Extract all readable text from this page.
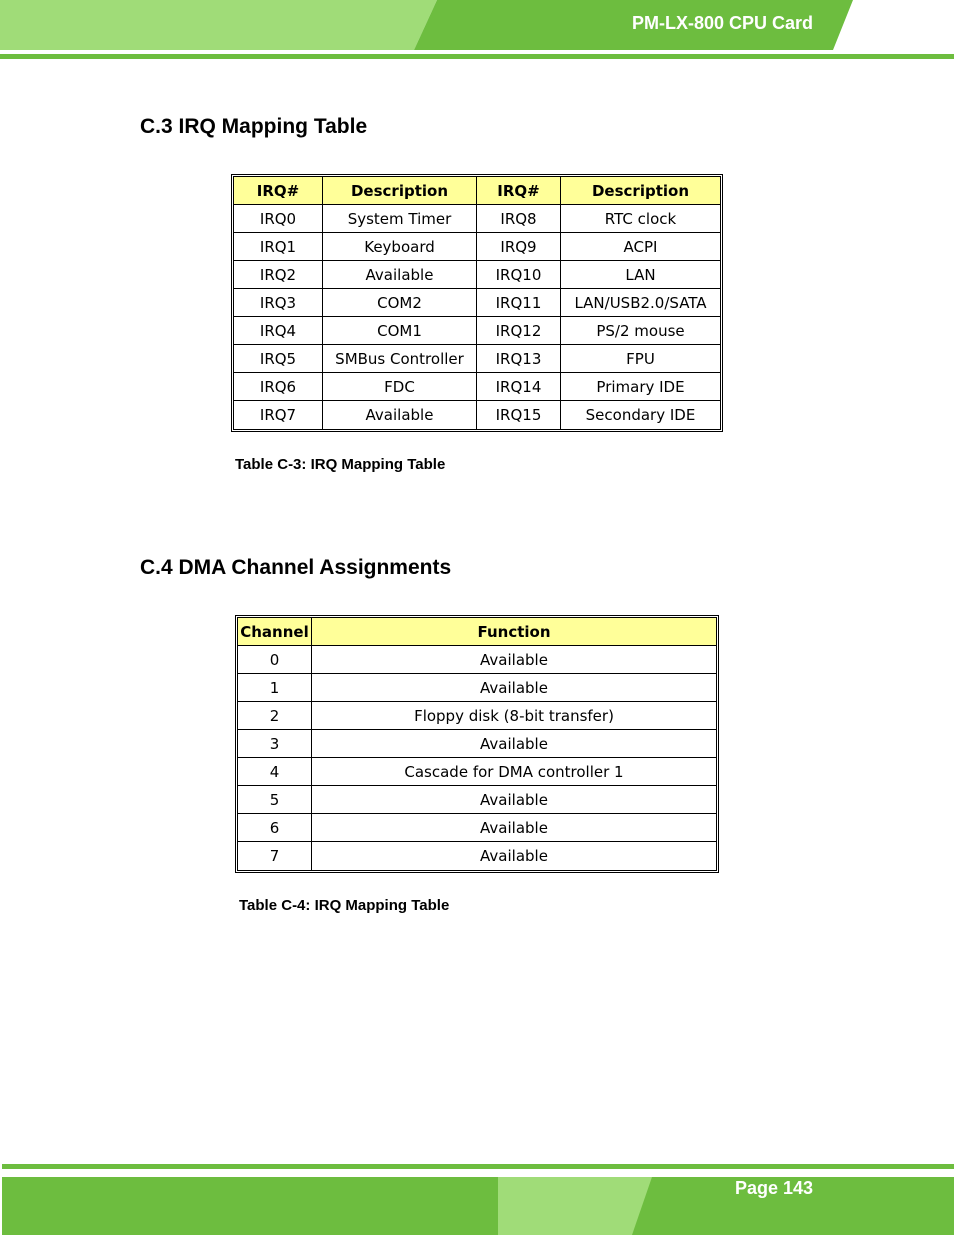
PM-LX-800 CPU Card
C.3 IRQ Mapping Table
IRQ#	Description	IRQ#	Description
IRQ0	System Timer	IRQ8	RTC clock
IRQ1	Keyboard	IRQ9	ACPI
IRQ2	Available	IRQ10	LAN
IRQ3	COM2	IRQ11	LAN/USB2.0/SATA
IRQ4	COM1	IRQ12	PS/2 mouse
IRQ5	SMBus Controller	IRQ13	FPU
IRQ6	FDC	IRQ14	Primary IDE
IRQ7	Available	IRQ15	Secondary IDE
Table C-3: IRQ Mapping Table
C.4 DMA Channel Assignments
Channel	Function
0	Available
1	Available
2	Floppy disk (8-bit transfer)
3	Available
4	Cascade for DMA controller 1
5	Available
6	Available
7	Available
Table C-4: IRQ Mapping Table
Page 143
